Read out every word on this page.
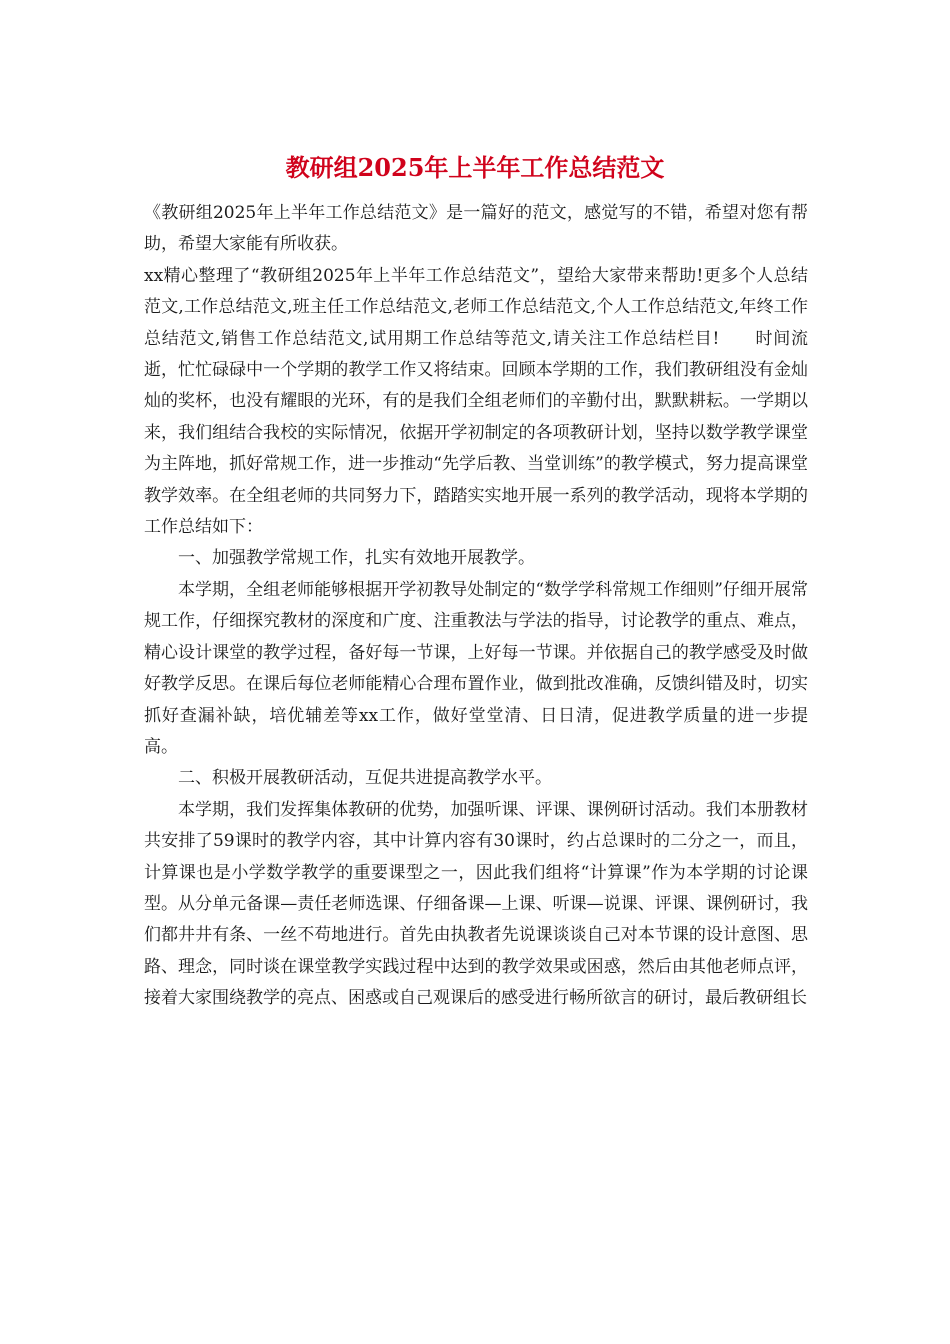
教研组2025年上半年工作总结范文

《教研组2025年上半年工作总结范文》是一篇好的范文，感觉写的不错，希望对您有帮助，希望大家能有所收获。

xx精心整理了“教研组2025年上半年工作总结范文”，望给大家带来帮助!更多个人总结范文,工作总结范文,班主任工作总结范文,老师工作总结范文,个人工作总结范文,年终工作总结范文,销售工作总结范文,试用期工作总结等范文,请关注工作总结栏目!　　时间流逝，忙忙碌碌中一个学期的教学工作又将结束。回顾本学期的工作，我们教研组没有金灿灿的奖杯，也没有耀眼的光环，有的是我们全组老师们的辛勤付出，默默耕耘。一学期以来，我们组结合我校的实际情况，依据开学初制定的各项教研计划，坚持以数学教学课堂为主阵地，抓好常规工作，进一步推动“先学后教、当堂训练”的教学模式，努力提高课堂教学效率。在全组老师的共同努力下，踏踏实实地开展一系列的教学活动，现将本学期的工作总结如下：

一、加强教学常规工作，扎实有效地开展教学。

本学期，全组老师能够根据开学初教导处制定的“数学学科常规工作细则”仔细开展常规工作，仔细探究教材的深度和广度、注重教法与学法的指导，讨论教学的重点、难点，精心设计课堂的教学过程，备好每一节课，上好每一节课。并依据自己的教学感受及时做好教学反思。在课后每位老师能精心合理布置作业，做到批改准确，反馈纠错及时，切实抓好查漏补缺，培优辅差等xx工作，做好堂堂清、日日清，促进教学质量的进一步提高。

二、积极开展教研活动，互促共进提高教学水平。

本学期，我们发挥集体教研的优势，加强听课、评课、课例研讨活动。我们本册教材共安排了59课时的教学内容，其中计算内容有30课时，约占总课时的二分之一，而且，计算课也是小学数学教学的重要课型之一，因此我们组将“计算课”作为本学期的讨论课型。从分单元备课—责任老师选课、仔细备课—上课、听课—说课、评课、课例研讨，我们都井井有条、一丝不苟地进行。首先由执教者先说课谈谈自己对本节课的设计意图、思路、理念，同时谈在课堂教学实践过程中达到的教学效果或困惑，然后由其他老师点评，接着大家围绕教学的亮点、困惑或自己观课后的感受进行畅所欲言的研讨，最后教研组长
